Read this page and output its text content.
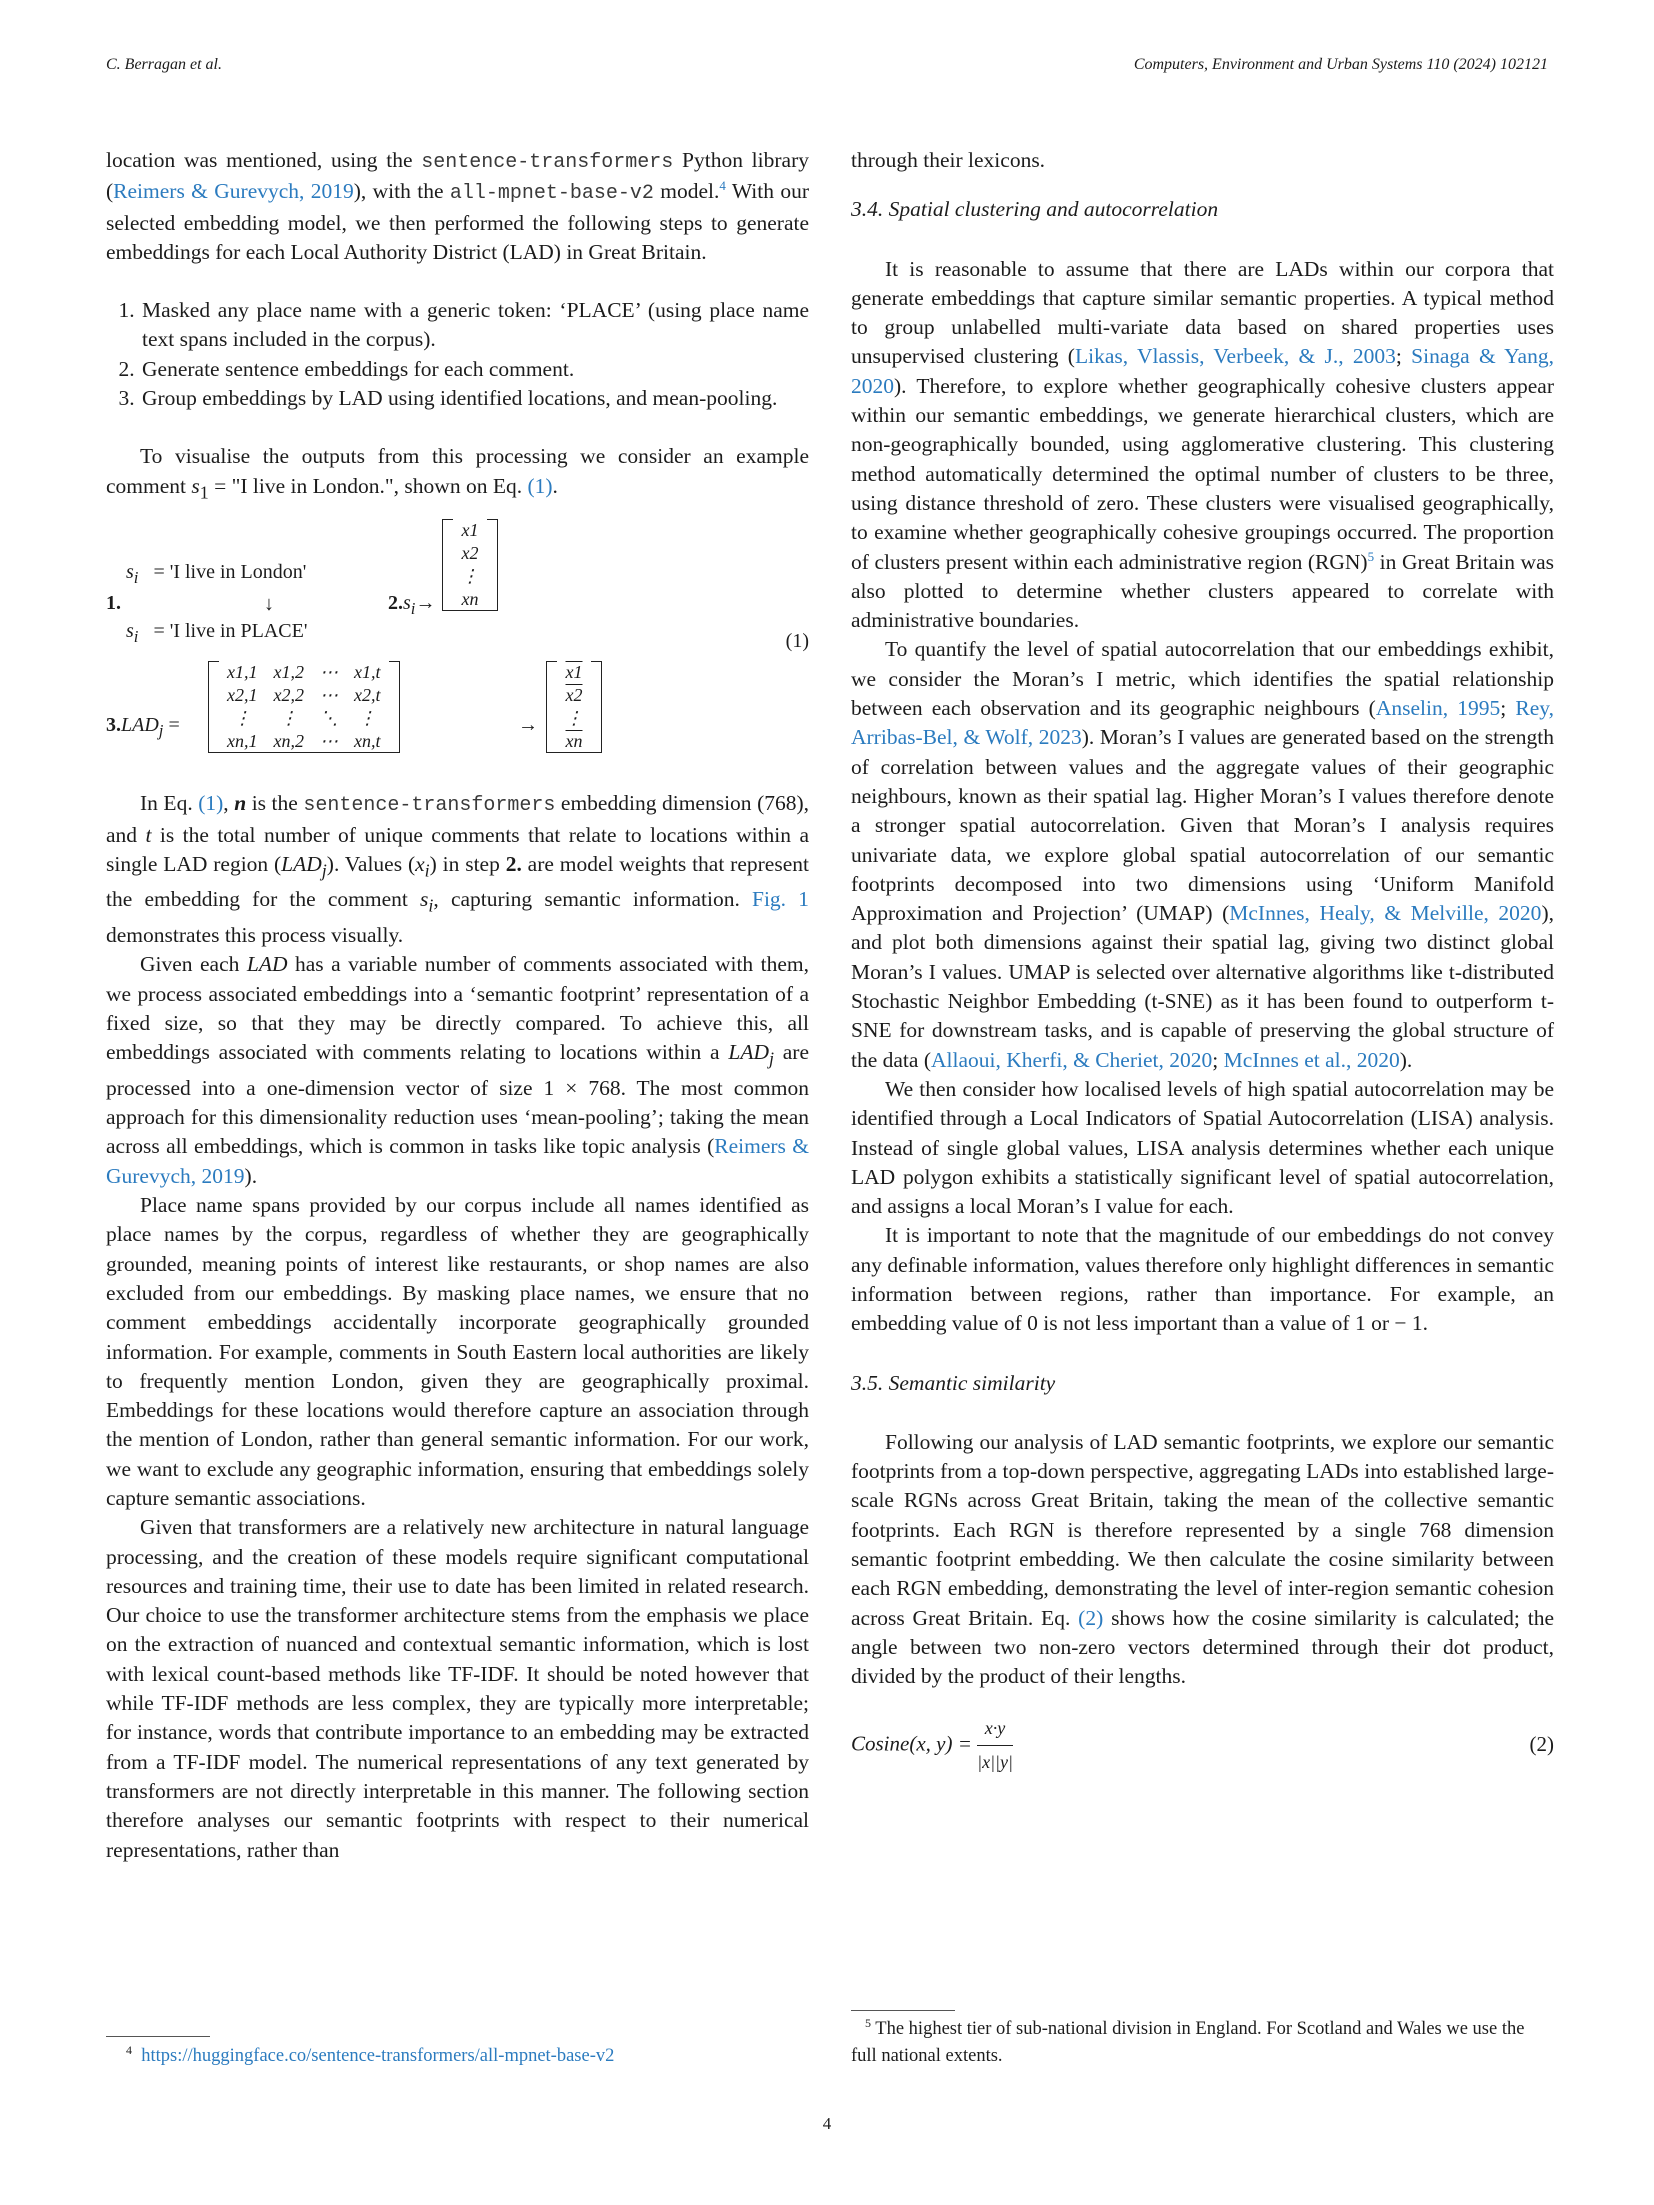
C. Berragan et al.	Computers, Environment and Urban Systems 110 (2024) 102121

location was mentioned, using the sentence-transformers Python library (Reimers & Gurevych, 2019), with the all-mpnet-base-v2 model.$^4$ With our selected embedding model, we then performed the following steps to generate embeddings for each Local Authority District (LAD) in Great Britain.

1. Masked any place name with a generic token: ‘PLACE’ (using place name text spans included in the corpus).
2. Generate sentence embeddings for each comment.
3. Group embeddings by LAD using identified locations, and mean-pooling.

To visualise the outputs from this processing we consider an example comment $s_1$ = "I live in London.", shown on Eq. (1).

1.
$s_i$ = 'I live in London'
↓
$s_i$ = 'I live in PLACE'
$2.s_i\to$
x1
x2
⋮
xn
(1)
$3.LAD_j$ =
x1,1	x1,2	⋯	x1,t
x2,1	x2,2	⋯	x2,t
⋮	⋮	⋱	⋮
xn,1	xn,2	⋯	xn,t
→
x1
x2
⋮
$\overline{xn}$

In Eq. (1), n is the sentence-transformers embedding dimension (768), and t is the total number of unique comments that relate to locations within a single LAD region $(LAD_j)$. Values $(x_i)$ in step 2. are model weights that represent the embedding for the comment $s_i$, capturing semantic information. Fig. 1 demonstrates this process visually.

Given each LAD has a variable number of comments associated with them, we process associated embeddings into a ‘semantic footprint’ representation of a fixed size, so that they may be directly compared. To achieve this, all embeddings associated with comments relating to locations within a $LAD_j$ are processed into a one-dimension vector of size 1 × 768. The most common approach for this dimensionality reduction uses ‘mean-pooling’; taking the mean across all embeddings, which is common in tasks like topic analysis (Reimers & Gurevych, 2019).

Place name spans provided by our corpus include all names identified as place names by the corpus, regardless of whether they are geographically grounded, meaning points of interest like restaurants, or shop names are also excluded from our embeddings. By masking place names, we ensure that no comment embeddings accidentally incorporate geographically grounded information. For example, comments in South Eastern local authorities are likely to frequently mention London, given they are geographically proximal. Embeddings for these locations would therefore capture an association through the mention of London, rather than general semantic information. For our work, we want to exclude any geographic information, ensuring that embeddings solely capture semantic associations.

Given that transformers are a relatively new architecture in natural language processing, and the creation of these models require significant computational resources and training time, their use to date has been limited in related research. Our choice to use the transformer architecture stems from the emphasis we place on the extraction of nuanced and contextual semantic information, which is lost with lexical count-based methods like TF-IDF. It should be noted however that while TF-IDF methods are less complex, they are typically more interpretable; for instance, words that contribute importance to an embedding may be extracted from a TF-IDF model. The numerical representations of any text generated by transformers are not directly interpretable in this manner. The following section therefore analyses our semantic footprints with respect to their numerical representations, rather than

through their lexicons.

3.4. Spatial clustering and autocorrelation

It is reasonable to assume that there are LADs within our corpora that generate embeddings that capture similar semantic properties. A typical method to group unlabelled multi-variate data based on shared properties uses unsupervised clustering (Likas, Vlassis, Verbeek, & J., 2003; Sinaga & Yang, 2020). Therefore, to explore whether geographically cohesive clusters appear within our semantic embeddings, we generate hierarchical clusters, which are non-geographically bounded, using agglomerative clustering. This clustering method automatically determined the optimal number of clusters to be three, using distance threshold of zero. These clusters were visualised geographically, to examine whether geographically cohesive groupings occurred. The proportion of clusters present within each administrative region (RGN)$^5$ in Great Britain was also plotted to determine whether clusters appeared to correlate with administrative boundaries.

To quantify the level of spatial autocorrelation that our embeddings exhibit, we consider the Moran’s I metric, which identifies the spatial relationship between each observation and its geographic neighbours (Anselin, 1995; Rey, Arribas-Bel, & Wolf, 2023). Moran’s I values are generated based on the strength of correlation between values and the aggregate values of their geographic neighbours, known as their spatial lag. Higher Moran’s I values therefore denote a stronger spatial autocorrelation. Given that Moran’s I analysis requires univariate data, we explore global spatial autocorrelation of our semantic footprints decomposed into two dimensions using ‘Uniform Manifold Approximation and Projection’ (UMAP) (McInnes, Healy, & Melville, 2020), and plot both dimensions against their spatial lag, giving two distinct global Moran’s I values. UMAP is selected over alternative algorithms like t-distributed Stochastic Neighbor Embedding (t-SNE) as it has been found to outperform t-SNE for downstream tasks, and is capable of preserving the global structure of the data (Allaoui, Kherfi, & Cheriet, 2020; McInnes et al., 2020).

We then consider how localised levels of high spatial autocorrelation may be identified through a Local Indicators of Spatial Autocorrelation (LISA) analysis. Instead of single global values, LISA analysis determines whether each unique LAD polygon exhibits a statistically significant level of spatial autocorrelation, and assigns a local Moran’s I value for each.

It is important to note that the magnitude of our embeddings do not convey any definable information, values therefore only highlight differences in semantic information between regions, rather than importance. For example, an embedding value of 0 is not less important than a value of 1 or − 1.

3.5. Semantic similarity

Following our analysis of LAD semantic footprints, we explore our semantic footprints from a top-down perspective, aggregating LADs into established large-scale RGNs across Great Britain, taking the mean of the collective semantic footprints. Each RGN is therefore represented by a single 768 dimension semantic footprint embedding. We then calculate the cosine similarity between each RGN embedding, demonstrating the level of inter-region semantic cohesion across Great Britain. Eq. (2) shows how the cosine similarity is calculated; the angle between two non-zero vectors determined through their dot product, divided by the product of their lengths.

Cosine(x, $y) = \frac{x\cdot y}{|x||y|}$	(2)
$^4$ https://huggingface.co/sentence-transformers/all-mpnet-base-v2
$^5$ The highest tier of sub-national division in England. For Scotland and Wales we use the full national extents.
4
